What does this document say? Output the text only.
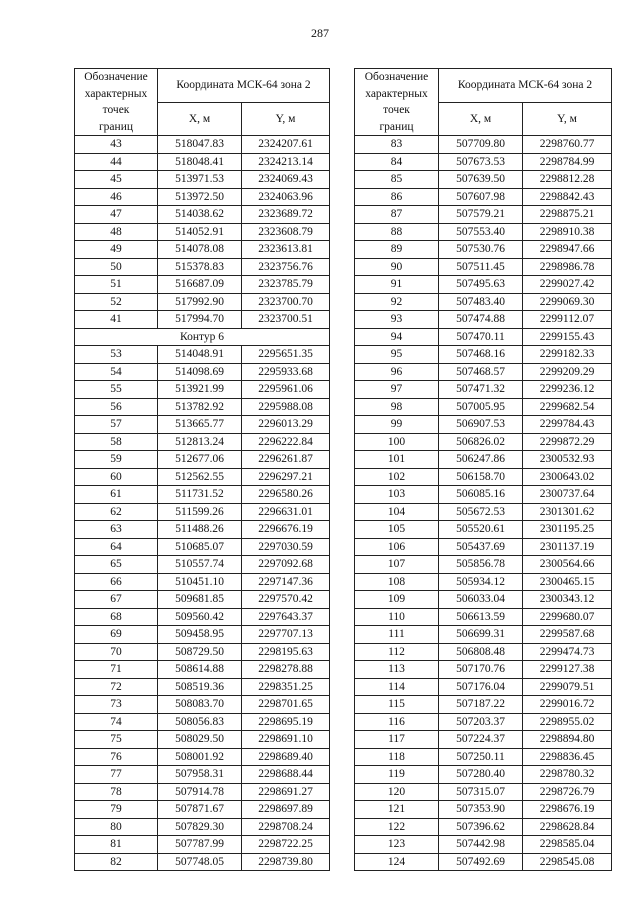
287
Обозначение
характерных
точек
границ	Координата МСК-64 зона 2	
	X, м	Y, м
43	518047.83	2324207.61
44	518048.41	2324213.14
45	513971.53	2324069.43
46	513972.50	2324063.96
47	514038.62	2323689.72
48	514052.91	2323608.79
49	514078.08	2323613.81
50	515378.83	2323756.76
51	516687.09	2323785.79
52	517992.90	2323700.70
41	517994.70	2323700.51
Контур 6		
53	514048.91	2295651.35
54	514098.69	2295933.68
55	513921.99	2295961.06
56	513782.92	2295988.08
57	513665.77	2296013.29
58	512813.24	2296222.84
59	512677.06	2296261.87
60	512562.55	2296297.21
61	511731.52	2296580.26
62	511599.26	2296631.01
63	511488.26	2296676.19
64	510685.07	2297030.59
65	510557.74	2297092.68
66	510451.10	2297147.36
67	509681.85	2297570.42
68	509560.42	2297643.37
69	509458.95	2297707.13
70	508729.50	2298195.63
71	508614.88	2298278.88
72	508519.36	2298351.25
73	508083.70	2298701.65
74	508056.83	2298695.19
75	508029.50	2298691.10
76	508001.92	2298689.40
77	507958.31	2298688.44
78	507914.78	2298691.27
79	507871.67	2298697.89
80	507829.30	2298708.24
81	507787.99	2298722.25
82	507748.05	2298739.80
Обозначение
характерных
точек
границ	Координата МСК-64 зона 2	
	X, м	Y, м
83	507709.80	2298760.77
84	507673.53	2298784.99
85	507639.50	2298812.28
86	507607.98	2298842.43
87	507579.21	2298875.21
88	507553.40	2298910.38
89	507530.76	2298947.66
90	507511.45	2298986.78
91	507495.63	2299027.42
92	507483.40	2299069.30
93	507474.88	2299112.07
94	507470.11	2299155.43
95	507468.16	2299182.33
96	507468.57	2299209.29
97	507471.32	2299236.12
98	507005.95	2299682.54
99	506907.53	2299784.43
100	506826.02	2299872.29
101	506247.86	2300532.93
102	506158.70	2300643.02
103	506085.16	2300737.64
104	505672.53	2301301.62
105	505520.61	2301195.25
106	505437.69	2301137.19
107	505856.78	2300564.66
108	505934.12	2300465.15
109	506033.04	2300343.12
110	506613.59	2299680.07
111	506699.31	2299587.68
112	506808.48	2299474.73
113	507170.76	2299127.38
114	507176.04	2299079.51
115	507187.22	2299016.72
116	507203.37	2298955.02
117	507224.37	2298894.80
118	507250.11	2298836.45
119	507280.40	2298780.32
120	507315.07	2298726.79
121	507353.90	2298676.19
122	507396.62	2298628.84
123	507442.98	2298585.04
124	507492.69	2298545.08
